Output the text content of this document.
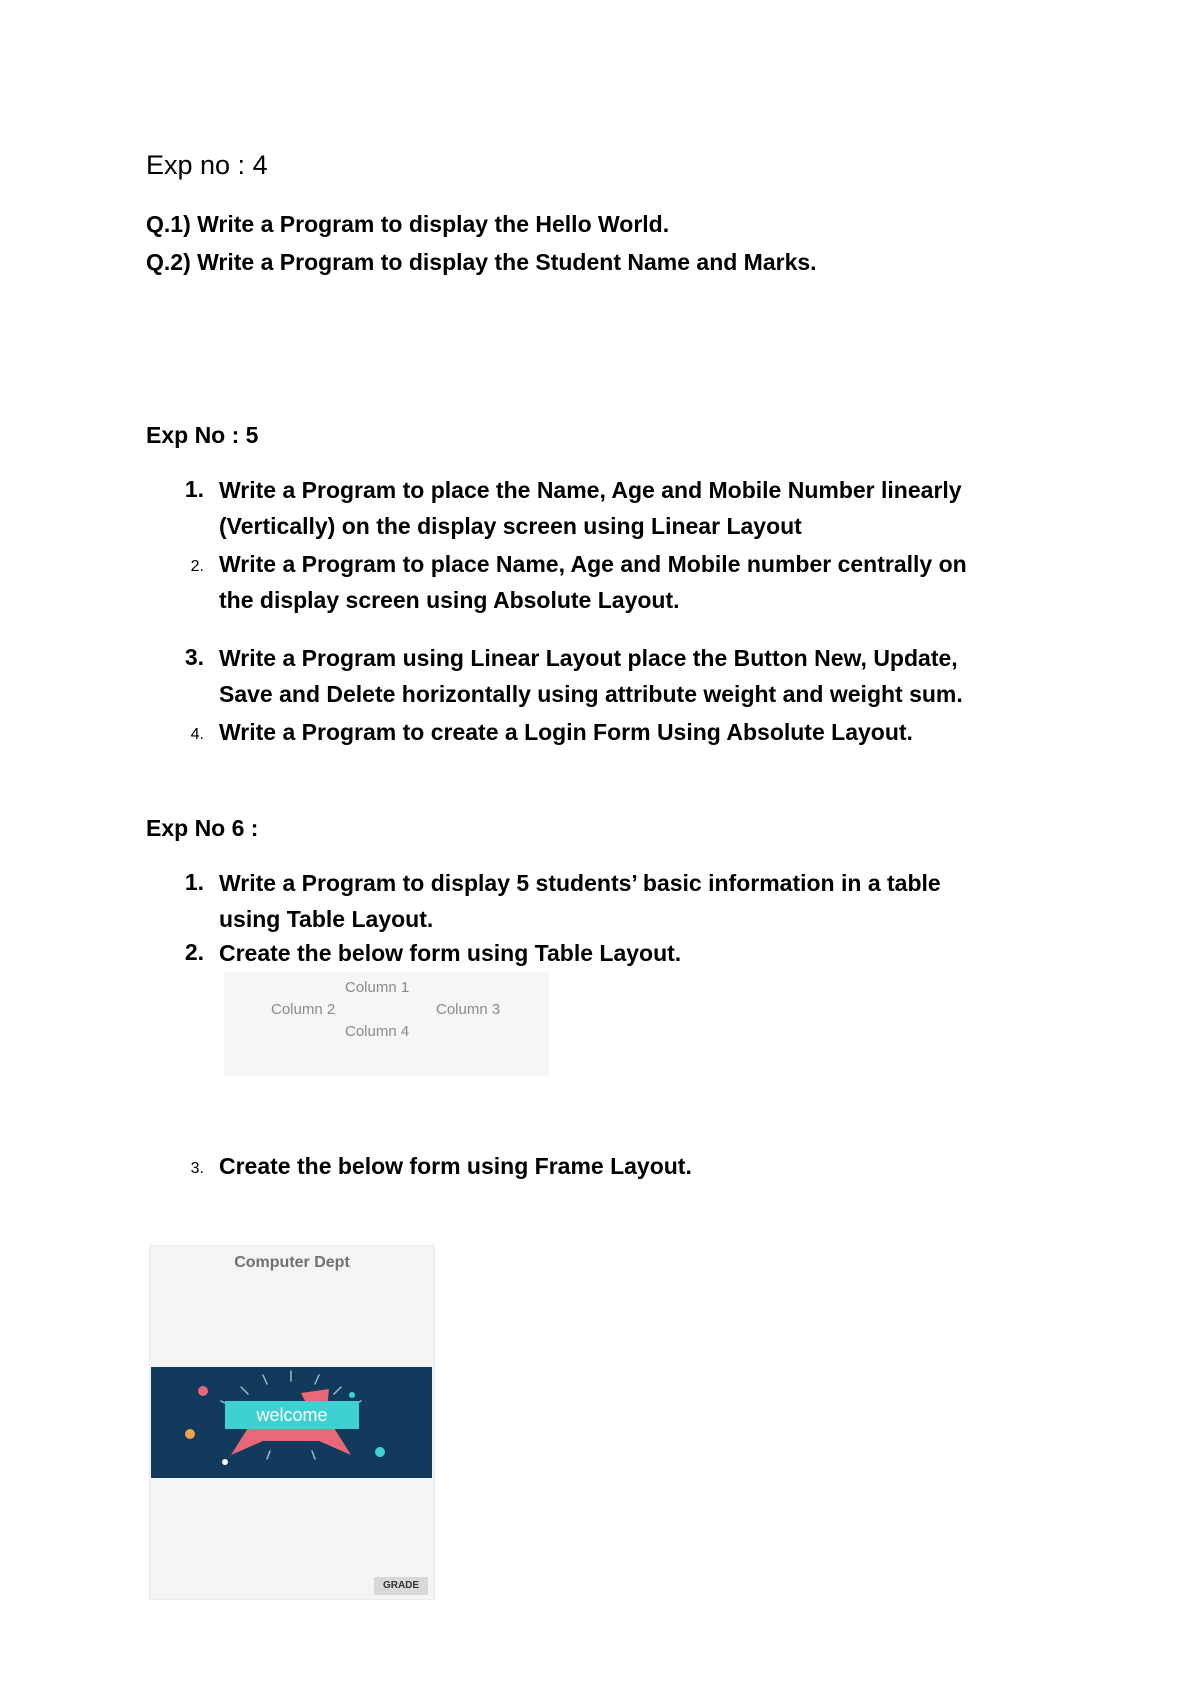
Exp no : 4
Q.1) Write a Program to display the Hello World.
Q.2) Write a Program to display the Student Name and Marks.
Exp No : 5
1. Write a Program to place the Name, Age and Mobile Number linearly
(Vertically) on the display screen using Linear Layout
2. Write a Program to place Name, Age and Mobile number centrally on
the display screen using Absolute Layout.
3. Write a Program using Linear Layout place the Button New, Update,
Save and Delete horizontally using attribute weight and weight sum.
4. Write a Program to create a Login Form Using Absolute Layout.
Exp No 6 :
1. Write a Program to display 5 students’ basic information in a table
using Table Layout.
2. Create the below form using Table Layout.
Column 1
Column 2	Column 3
Column 4
3. Create the below form using Frame Layout.
Computer Dept
welcome
GRADE
